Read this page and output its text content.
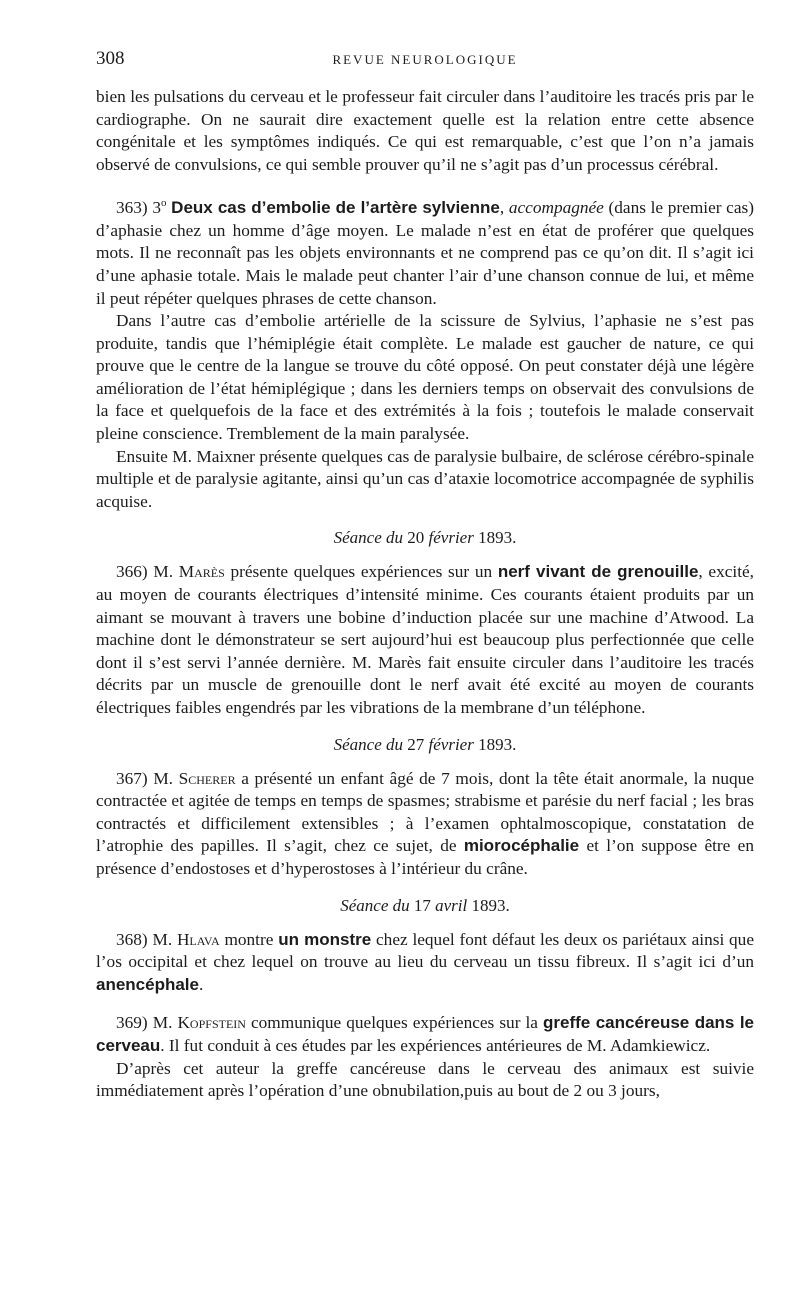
308	REVUE NEUROLOGIQUE

bien les pulsations du cerveau et le professeur fait circuler dans l’auditoire les tracés pris par le cardiographe. On ne saurait dire exactement quelle est la relation entre cette absence congénitale et les symptômes indiqués. Ce qui est remarquable, c’est que l’on n’a jamais observé de convulsions, ce qui semble prouver qu’il ne s’agit pas d’un processus cérébral.

363) 3$^o$ Deux cas d’embolie de l’artère sylvienne, accompagnée (dans le premier cas) d’aphasie chez un homme d’âge moyen. Le malade n’est en état de proférer que quelques mots. Il ne reconnaît pas les objets environnants et ne comprend pas ce qu’on dit. Il s’agit ici d’une aphasie totale. Mais le malade peut chanter l’air d’une chanson connue de lui, et même il peut répéter quelques phrases de cette chanson.

Dans l’autre cas d’embolie artérielle de la scissure de Sylvius, l’aphasie ne s’est pas produite, tandis que l’hémiplégie était complète. Le malade est gaucher de nature, ce qui prouve que le centre de la langue se trouve du côté opposé. On peut constater déjà une légère amélioration de l’état hémiplégique ; dans les derniers temps on observait des convulsions de la face et quelquefois de la face et des extrémités à la fois ; toutefois le malade conservait pleine conscience. Tremblement de la main paralysée.

Ensuite M. Maixner présente quelques cas de paralysie bulbaire, de sclérose cérébro-spinale multiple et de paralysie agitante, ainsi qu’un cas d’ataxie locomotrice accompagnée de syphilis acquise.

Séance du 20 février 1893.

366) M. Marès présente quelques expériences sur un nerf vivant de grenouille, excité, au moyen de courants électriques d’intensité minime. Ces courants étaient produits par un aimant se mouvant à travers une bobine d’induction placée sur une machine d’Atwood. La machine dont le démonstrateur se sert aujourd’hui est beaucoup plus perfectionnée que celle dont il s’est servi l’année dernière. M. Marès fait ensuite circuler dans l’auditoire les tracés décrits par un muscle de grenouille dont le nerf avait été excité au moyen de courants électriques faibles engendrés par les vibrations de la membrane d’un téléphone.

Séance du 27 février 1893.

367) M. Scherer a présenté un enfant âgé de 7 mois, dont la tête était anormale, la nuque contractée et agitée de temps en temps de spasmes; strabisme et parésie du nerf facial ; les bras contractés et difficilement extensibles ; à l’examen ophtalmoscopique, constatation de l’atrophie des papilles. Il s’agit, chez ce sujet, de miorocéphalie et l’on suppose être en présence d’endostoses et d’hyperostoses à l’intérieur du crâne.

Séance du 17 avril 1893.

368) M. Hlava montre un monstre chez lequel font défaut les deux os pariétaux ainsi que l’os occipital et chez lequel on trouve au lieu du cerveau un tissu fibreux. Il s’agit ici d’un anencéphale.

369) M. Kopfstein communique quelques expériences sur la greffe cancéreuse dans le cerveau. Il fut conduit à ces études par les expériences antérieures de M. Adamkiewicz.

D’après cet auteur la greffe cancéreuse dans le cerveau des animaux est suivie immédiatement après l’opération d’une obnubilation,puis au bout de 2 ou 3 jours,
